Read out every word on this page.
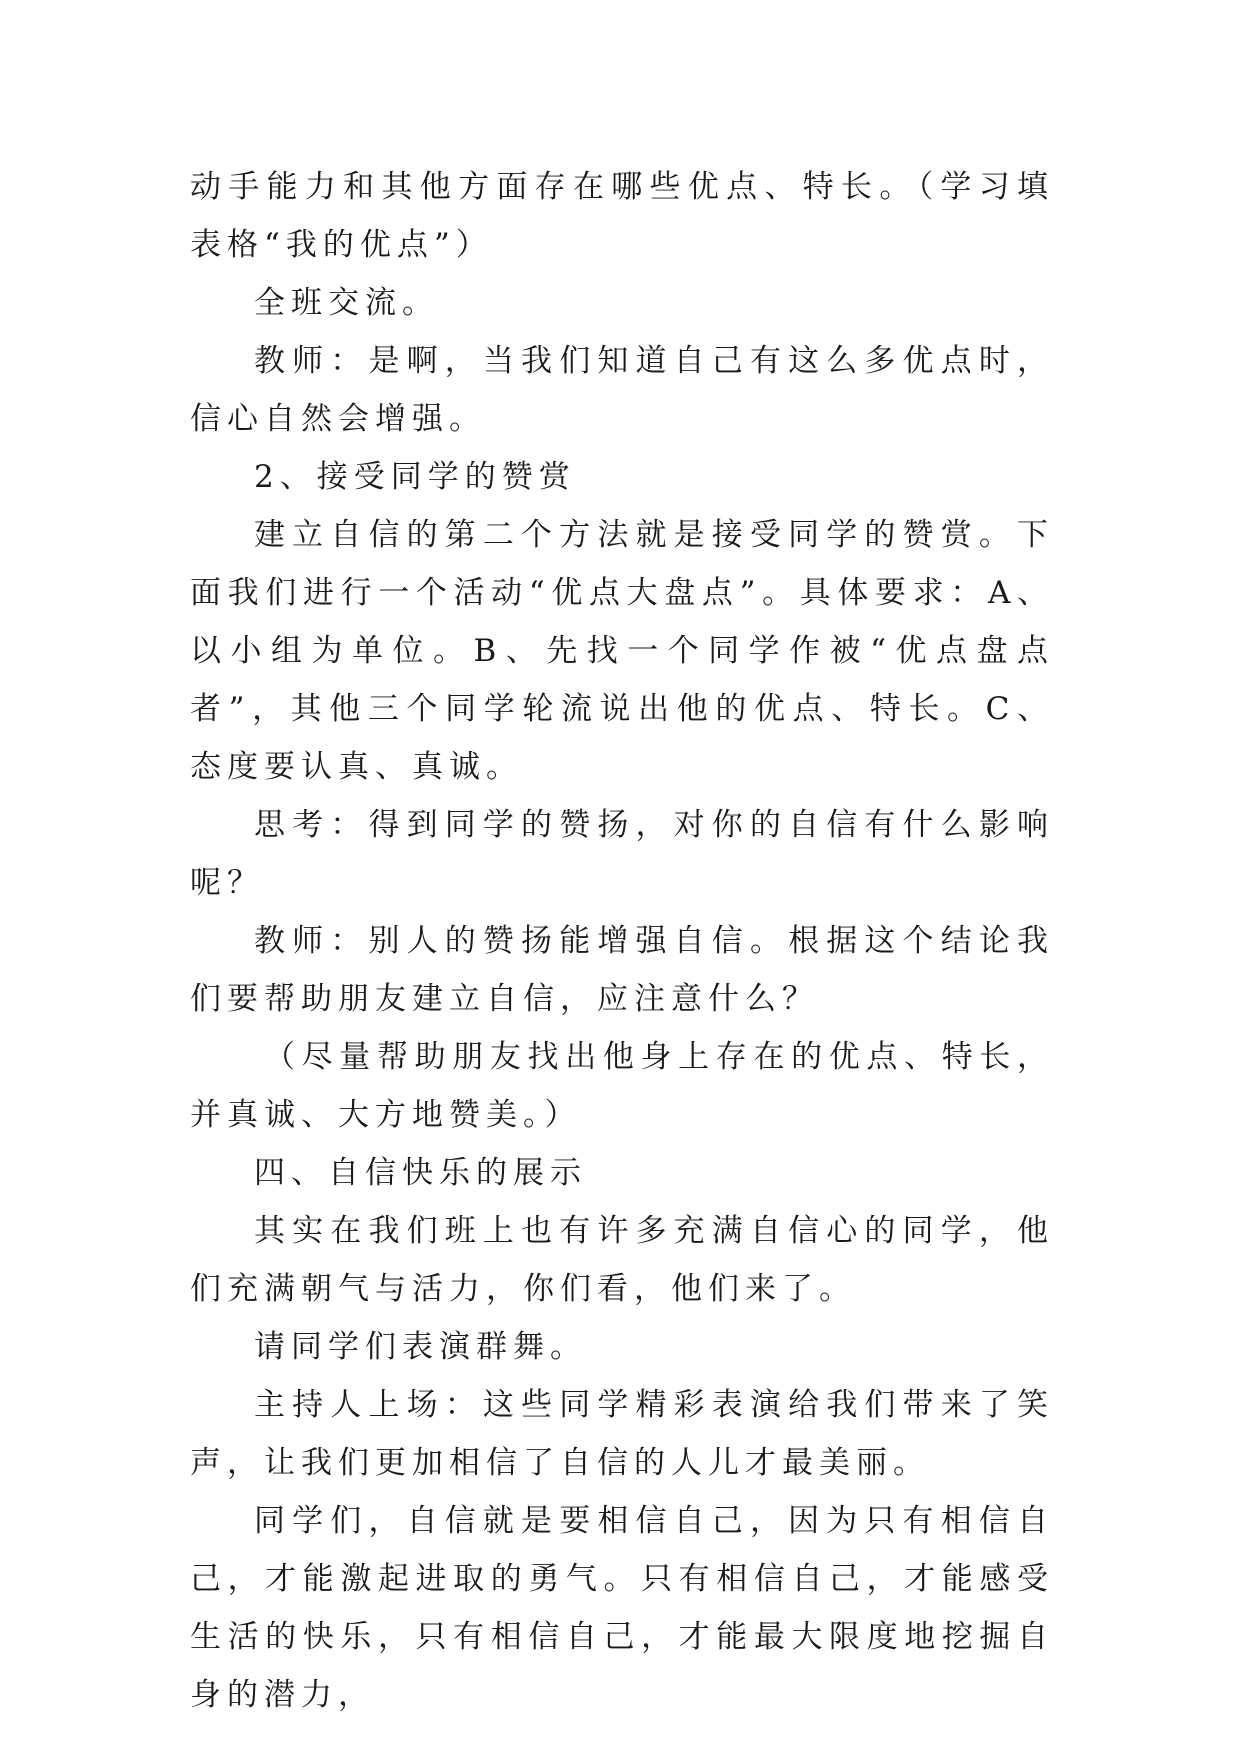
动手能力和其他方面存在哪些优点、特长。（学习填表格“我的优点”）

全班交流。

教师：是啊，当我们知道自己有这么多优点时，信心自然会增强。

2、接受同学的赞赏

建立自信的第二个方法就是接受同学的赞赏。下面我们进行一个活动“优点大盘点”。具体要求：A、以小组为单位。B、先找一个同学作被“优点盘点者”，其他三个同学轮流说出他的优点、特长。C、态度要认真、真诚。

思考：得到同学的赞扬，对你的自信有什么影响呢？

教师：别人的赞扬能增强自信。根据这个结论我们要帮助朋友建立自信，应注意什么？

（尽量帮助朋友找出他身上存在的优点、特长，并真诚、大方地赞美。）

四、自信快乐的展示

其实在我们班上也有许多充满自信心的同学，他们充满朝气与活力，你们看，他们来了。

请同学们表演群舞。

主持人上场：这些同学精彩表演给我们带来了笑声，让我们更加相信了自信的人儿才最美丽。

同学们，自信就是要相信自己，因为只有相信自己，才能激起进取的勇气。只有相信自己，才能感受生活的快乐，只有相信自己，才能最大限度地挖掘自身的潜力，
